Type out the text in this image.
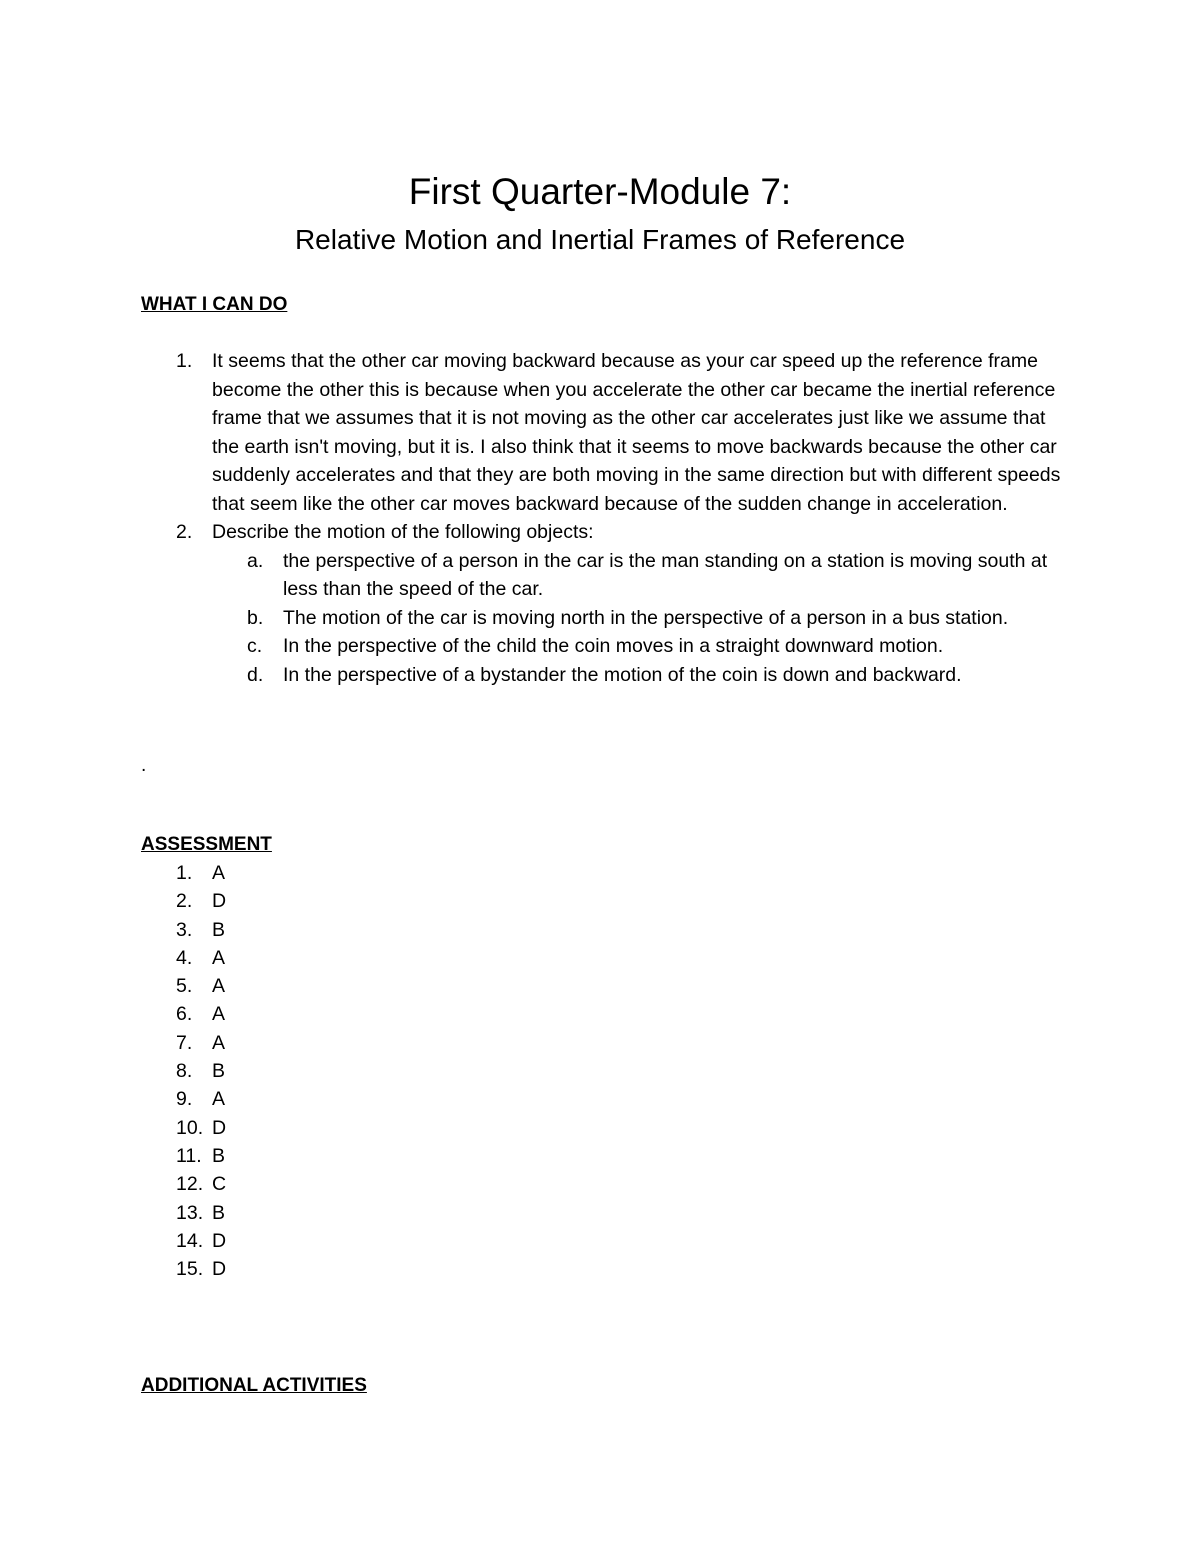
First Quarter-Module 7:
Relative Motion and Inertial Frames of Reference
WHAT I CAN DO
1. It seems that the other car moving backward because as your car speed up the reference frame become the other this is because when you accelerate the other car became the inertial reference frame that we assumes that it is not moving as the other car accelerates just like we assume that the earth isn't moving, but it is. I also think that it seems to move backwards because the other car suddenly accelerates and that they are both moving in the same direction but with different speeds that seem like the other car moves backward because of the sudden change in acceleration.
2. Describe the motion of the following objects:
a. the perspective of a person in the car is the man standing on a station is moving south at less than the speed of the car.
b. The motion of the car is moving north in the perspective of a person in a bus station.
c. In the perspective of the child the coin moves in a straight downward motion.
d. In the perspective of a bystander the motion of the coin is down and backward.
.
ASSESSMENT
1. A
2. D
3. B
4. A
5. A
6. A
7. A
8. B
9. A
10. D
11. B
12. C
13. B
14. D
15. D
ADDITIONAL ACTIVITIES
